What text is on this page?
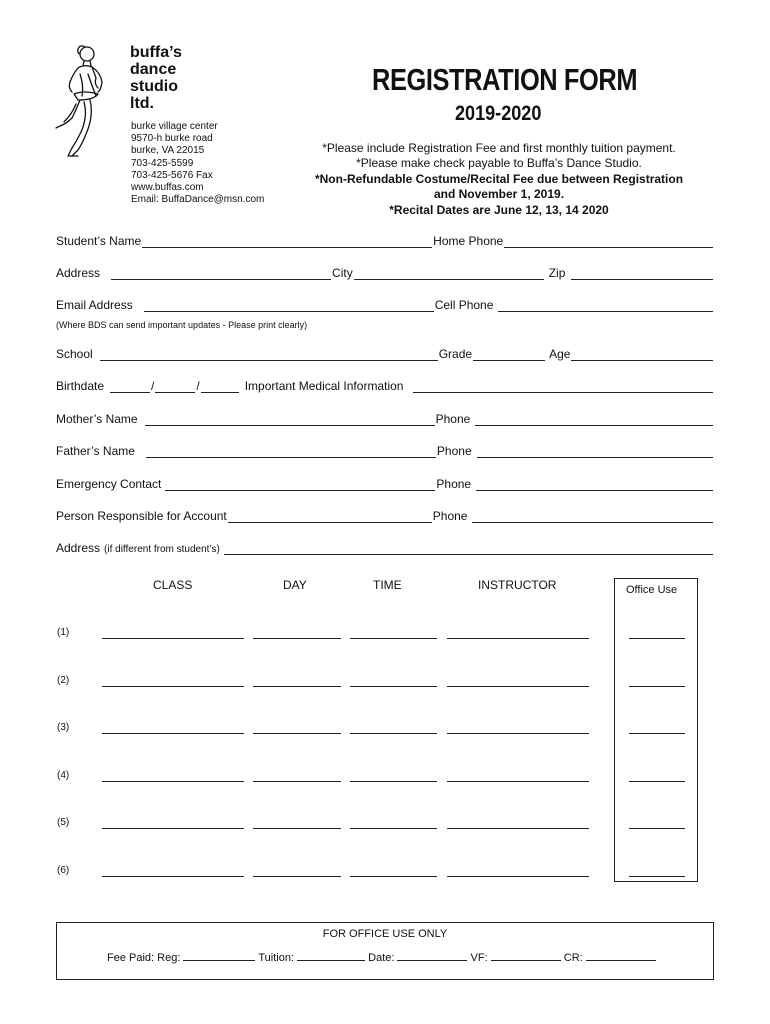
buffa’s
dance
studio
ltd.
burke village center
9570-h burke road
burke, VA 22015
703-425-5599
703-425-5676 Fax
www.buffas.com
Email: BuffaDance@msn.com
REGISTRATION FORM
2019-2020
*Please include Registration Fee and first monthly tuition payment.
*Please make check payable to Buffa’s Dance Studio.
*Non-Refundable Costume/Recital Fee due between Registration
and November 1, 2019.
*Recital Dates are June 12, 13, 14 2020
Student’s Name	Home Phone
Address	City	Zip
Email Address	Cell Phone
(Where BDS can send important updates - Please print clearly)
School	Grade	Age
Birthdate	/	/	Important Medical Information
Mother’s Name	Phone
Father’s Name	Phone
Emergency Contact	Phone
Person Responsible for Account	Phone
Address (if different from student’s)
CLASS	DAY	TIME	INSTRUCTOR	Office Use
(1)
(2)
(3)
(4)
(5)
(6)
FOR OFFICE USE ONLY
Fee Paid: Reg:	Tuition:	Date:	VF:	CR:
